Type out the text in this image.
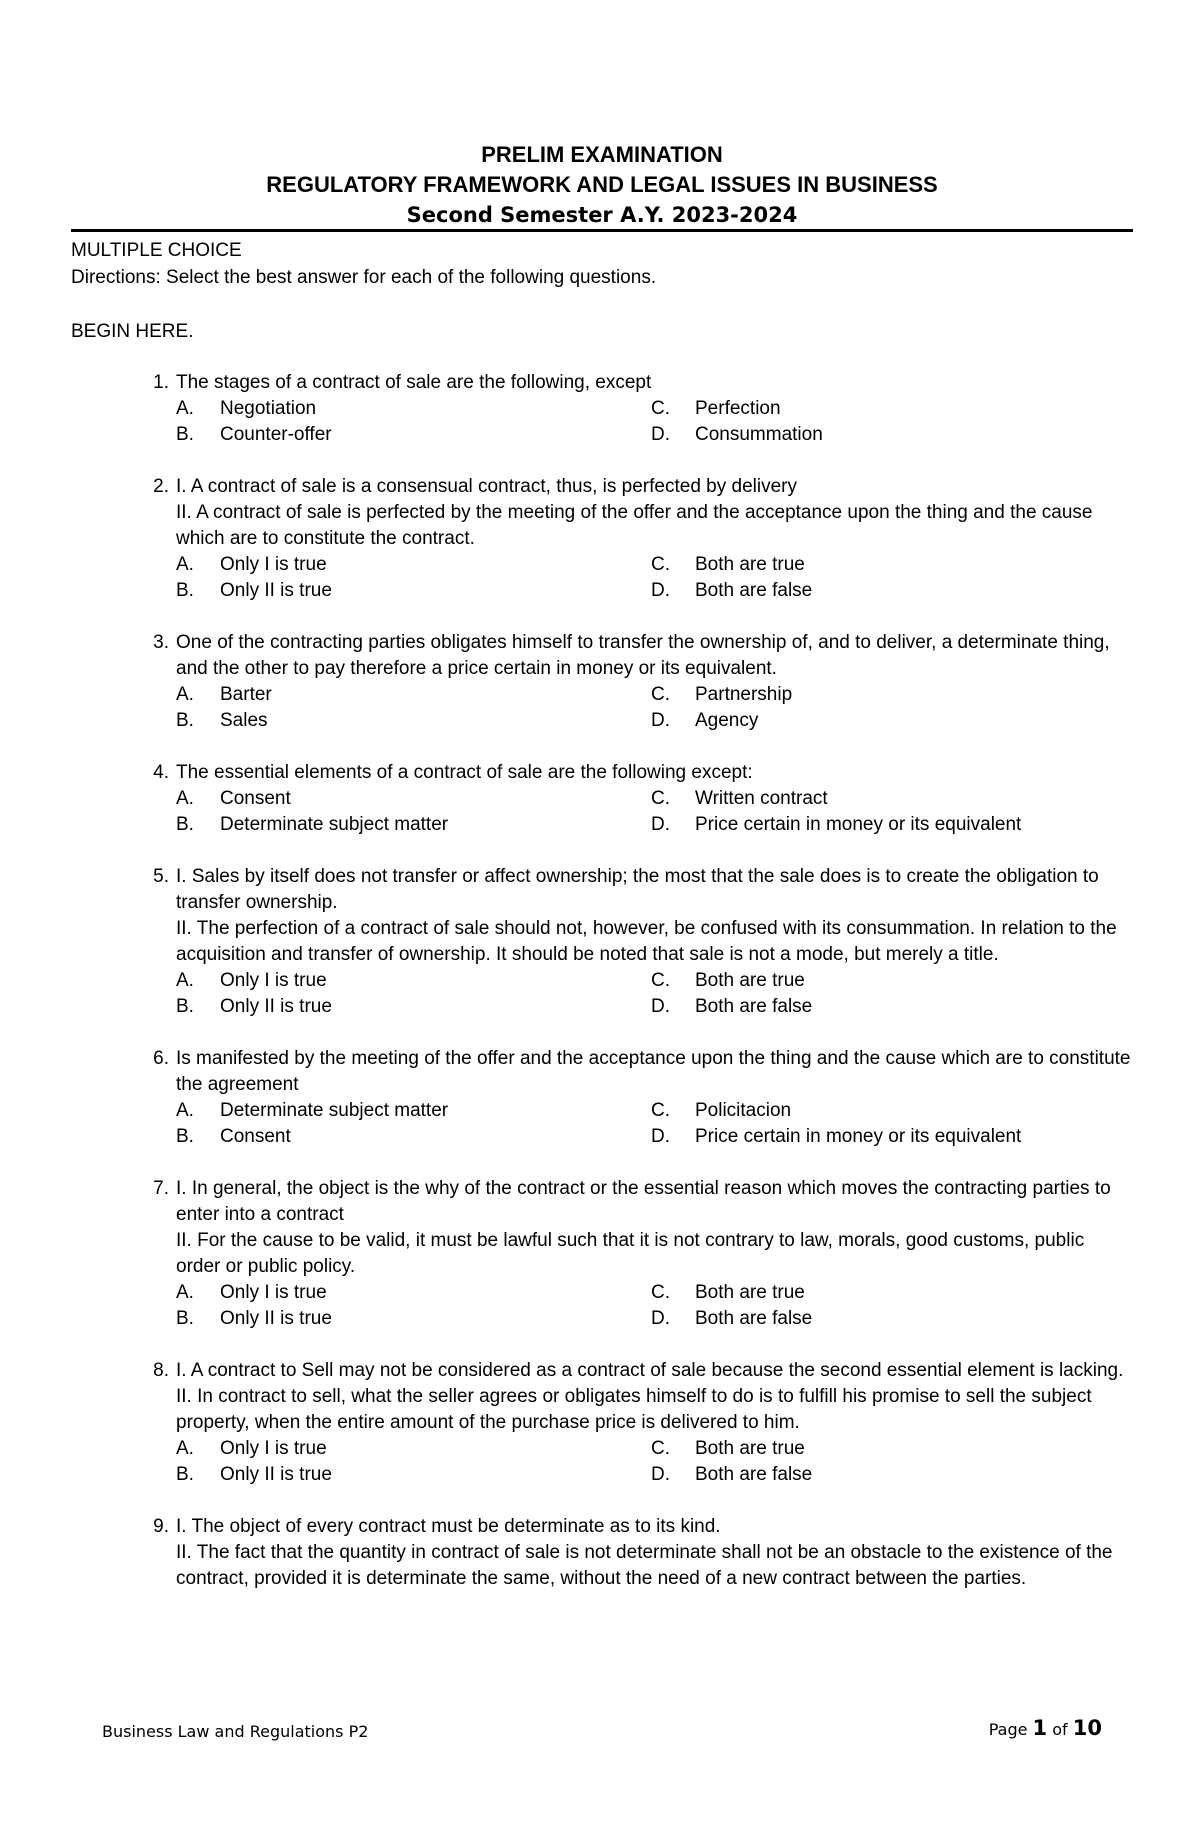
PRELIM EXAMINATION
REGULATORY FRAMEWORK AND LEGAL ISSUES IN BUSINESS
Second Semester A.Y. 2023-2024
MULTIPLE CHOICE
Directions: Select the best answer for each of the following questions.
BEGIN HERE.
1. The stages of a contract of sale are the following, except
A.	Negotiation	C.	Perfection
B.	Counter-offer	D.	Consummation
2. I. A contract of sale is a consensual contract, thus, is perfected by delivery
II. A contract of sale is perfected by the meeting of the offer and the acceptance upon the thing and the cause which are to constitute the contract.
A.	Only I is true	C.	Both are true
B.	Only II is true	D.	Both are false
3. One of the contracting parties obligates himself to transfer the ownership of, and to deliver, a determinate thing, and the other to pay therefore a price certain in money or its equivalent.
A.	Barter	C.	Partnership
B.	Sales	D.	Agency
4. The essential elements of a contract of sale are the following except:
A.	Consent	C.	Written contract
B.	Determinate subject matter	D.	Price certain in money or its equivalent
5. I. Sales by itself does not transfer or affect ownership; the most that the sale does is to create the obligation to transfer ownership.
II. The perfection of a contract of sale should not, however, be confused with its consummation. In relation to the acquisition and transfer of ownership. It should be noted that sale is not a mode, but merely a title.
A.	Only I is true	C.	Both are true
B.	Only II is true	D.	Both are false
6. Is manifested by the meeting of the offer and the acceptance upon the thing and the cause which are to constitute the agreement
A.	Determinate subject matter	C.	Policitacion
B.	Consent	D.	Price certain in money or its equivalent
7. I. In general, the object is the why of the contract or the essential reason which moves the contracting parties to enter into a contract
II. For the cause to be valid, it must be lawful such that it is not contrary to law, morals, good customs, public order or public policy.
A.	Only I is true	C.	Both are true
B.	Only II is true	D.	Both are false
8. I. A contract to Sell may not be considered as a contract of sale because the second essential element is lacking.
II. In contract to sell, what the seller agrees or obligates himself to do is to fulfill his promise to sell the subject property, when the entire amount of the purchase price is delivered to him.
A.	Only I is true	C.	Both are true
B.	Only II is true	D.	Both are false
9. I. The object of every contract must be determinate as to its kind.
II. The fact that the quantity in contract of sale is not determinate shall not be an obstacle to the existence of the contract, provided it is determinate the same, without the need of a new contract between the parties.
Business Law and Regulations P2	Page 1 of 10
